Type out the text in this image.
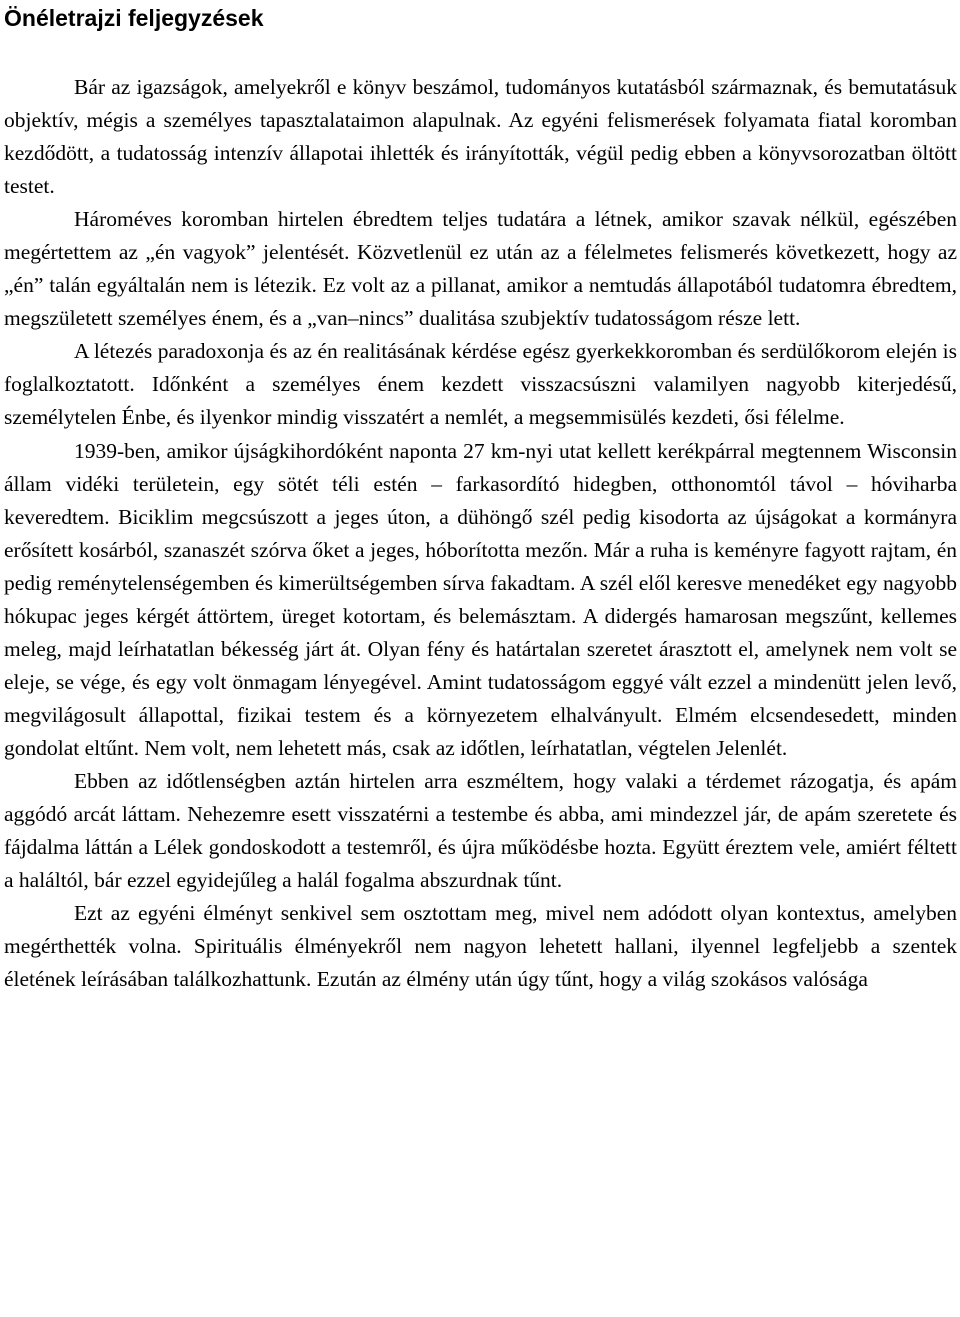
Önéletrajzi feljegyzések

Bár az igazságok, amelyekről e könyv beszámol, tudományos kutatásból származnak, és bemutatásuk objektív, mégis a személyes tapasztalataimon alapulnak. Az egyéni felismerések folyamata fiatal koromban kezdődött, a tudatosság intenzív állapotai ihlették és irányították, végül pedig ebben a könyvsorozatban öltött testet.

Hároméves koromban hirtelen ébredtem teljes tudatára a létnek, amikor szavak nélkül, egészében megértettem az „én vagyok” jelentését. Közvetlenül ez után az a félelmetes felismerés következett, hogy az „én” talán egyáltalán nem is létezik. Ez volt az a pillanat, amikor a nemtudás állapotából tudatomra ébredtem, megszületett személyes énem, és a „van–nincs” dualitása szubjektív tudatosságom része lett.

A létezés paradoxonja és az én realitásának kérdése egész gyerkekkoromban és serdülőkorom elején is foglalkoztatott. Időnként a személyes énem kezdett visszacsúszni valamilyen nagyobb kiterjedésű, személytelen Énbe, és ilyenkor mindig visszatért a nemlét, a megsemmisülés kezdeti, ősi félelme.

1939-ben, amikor újságkihordóként naponta 27 km-nyi utat kellett kerékpárral megtennem Wisconsin állam vidéki területein, egy sötét téli estén – farkasordító hidegben, otthonomtól távol – hóviharba keveredtem. Biciklim megcsúszott a jeges úton, a dühöngő szél pedig kisodorta az újságokat a kormányra erősített kosárból, szanaszét szórva őket a jeges, hóborította mezőn. Már a ruha is keményre fagyott rajtam, én pedig reménytelenségemben és kimerültségemben sírva fakadtam. A szél elől keresve menedéket egy nagyobb hókupac jeges kérgét áttörtem, üreget kotortam, és belemásztam. A didergés hamarosan megszűnt, kellemes meleg, majd leírhatatlan békesség járt át. Olyan fény és határtalan szeretet árasztott el, amelynek nem volt se eleje, se vége, és egy volt önmagam lényegével. Amint tudatosságom eggyé vált ezzel a mindenütt jelen levő, megvilágosult állapottal, fizikai testem és a környezetem elhalványult. Elmém elcsendesedett, minden gondolat eltűnt. Nem volt, nem lehetett más, csak az időtlen, leírhatatlan, végtelen Jelenlét.

Ebben az időtlenségben aztán hirtelen arra eszméltem, hogy valaki a térdemet rázogatja, és apám aggódó arcát láttam. Nehezemre esett visszatérni a testembe és abba, ami mindezzel jár, de apám szeretete és fájdalma láttán a Lélek gondoskodott a testemről, és újra működésbe hozta. Együtt éreztem vele, amiért féltett a haláltól, bár ezzel egyidejűleg a halál fogalma abszurdnak tűnt.

Ezt az egyéni élményt senkivel sem osztottam meg, mivel nem adódott olyan kontextus, amelyben megérthették volna. Spirituális élményekről nem nagyon lehetett hallani, ilyennel legfeljebb a szentek életének leírásában találkozhattunk. Ezután az élmény után úgy tűnt, hogy a világ szokásos valósága
